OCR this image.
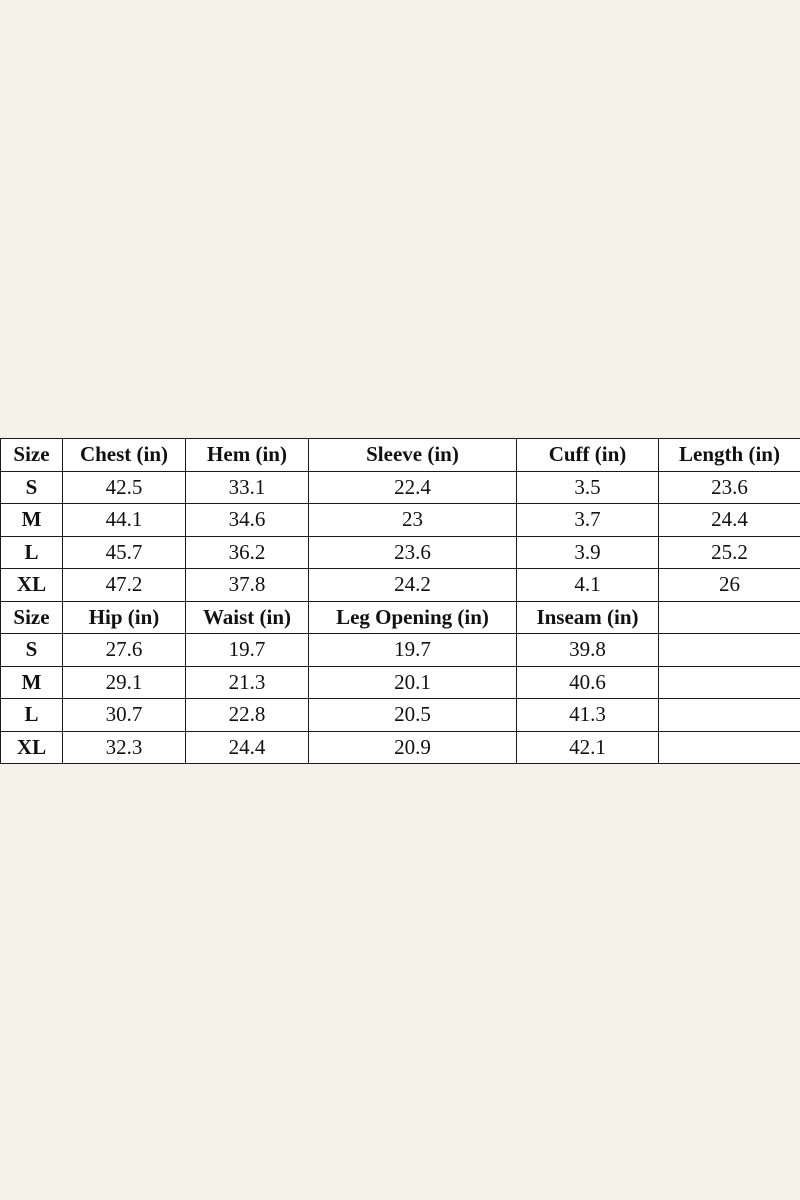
Size	Chest (in)	Hem (in)	Sleeve (in)	Cuff (in)	Length (in)
S	42.5	33.1	22.4	3.5	23.6
M	44.1	34.6	23	3.7	24.4
L	45.7	36.2	23.6	3.9	25.2
XL	47.2	37.8	24.2	4.1	26
Size	Hip (in)	Waist (in)	Leg Opening (in)	Inseam (in)	
S	27.6	19.7	19.7	39.8	
M	29.1	21.3	20.1	40.6	
L	30.7	22.8	20.5	41.3	
XL	32.3	24.4	20.9	42.1	
